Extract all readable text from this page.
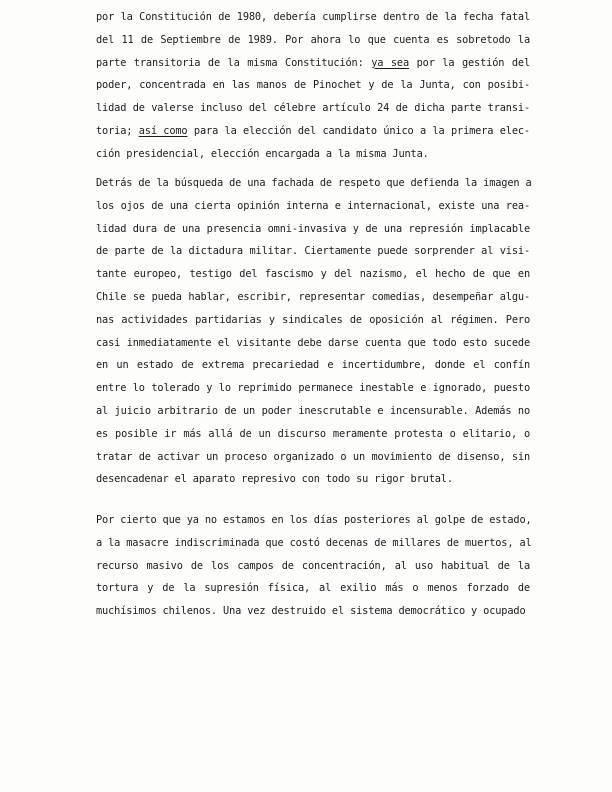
por la Constitución de 1980, debería cumplirse dentro de la fecha fatal
del 11 de Septiembre de 1989. Por ahora lo que cuenta es sobretodo la
parte transitoria de la misma Constitución: ya sea por la gestión del
poder, concentrada en las manos de Pinochet y de la Junta, con posibi-
lidad de valerse incluso del célebre artículo 24 de dicha parte transi-
toria; así como para la elección del candidato único a la primera elec-
ción presidencial, elección encargada a la misma Junta.
Detrás de la búsqueda de una fachada de respeto que defienda la imagen a
los ojos de una cierta opinión interna e internacional, existe una rea-
lidad dura de una presencia omni-invasiva y de una represión implacable
de parte de la dictadura militar. Ciertamente puede sorprender al visi-
tante europeo, testigo del fascismo y del nazismo, el hecho de que en
Chile se pueda hablar, escribir, representar comedias, desempeñar algu-
nas actividades partidarias y sindicales de oposición al régimen. Pero
casi inmediatamente el visitante debe darse cuenta que todo esto sucede
en un estado de extrema precariedad e incertidumbre, donde el confín
entre lo tolerado y lo reprimido permanece inestable e ignorado, puesto
al juicio arbitrario de un poder inescrutable e incensurable. Además no
es posible ir más allá de un discurso meramente protesta o elitario, o
tratar de activar un proceso organizado o un movimiento de disenso, sin
desencadenar el aparato represivo con todo su rigor brutal.
Por cierto que ya no estamos en los días posteriores al golpe de estado,
a la masacre indiscriminada que costó decenas de millares de muertos, al
recurso masivo de los campos de concentración, al uso habitual de la
tortura y de la supresión física, al exilio más o menos forzado de
muchísimos chilenos. Una vez destruido el sistema democrático y ocupado
